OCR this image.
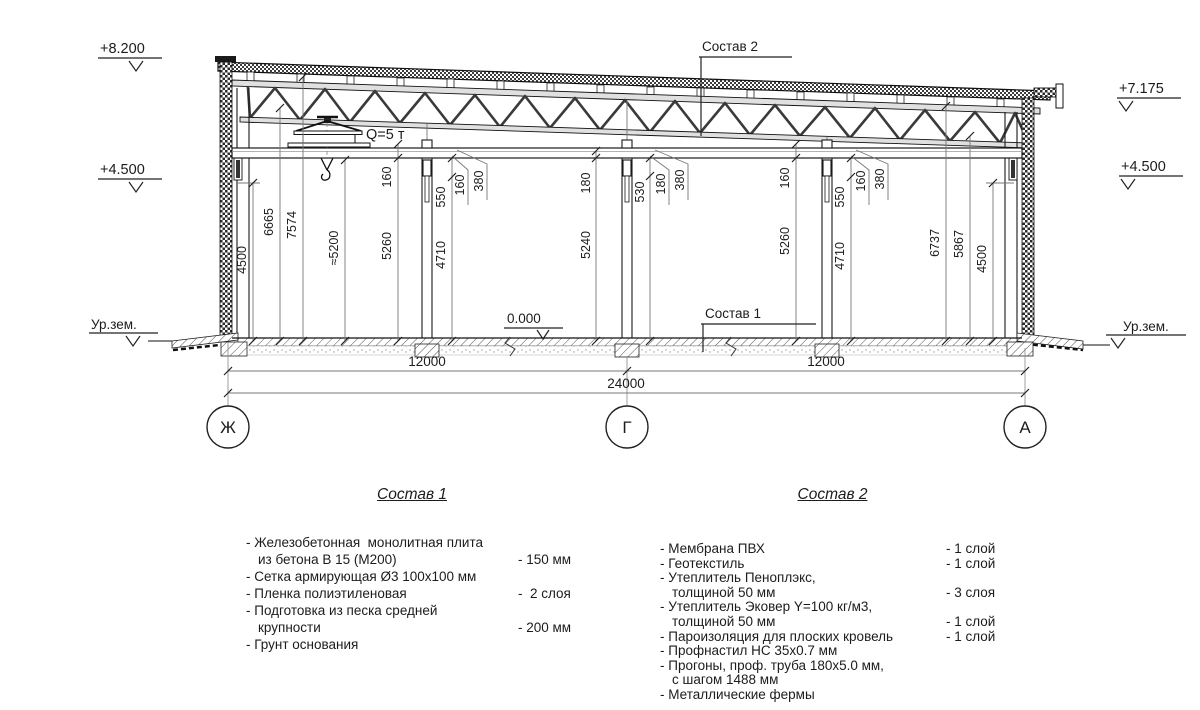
+8.200
+4.500
+7.175
+4.500
Ур.зем.	Ур.зем.
0.000
Состав 2
Состав 1
Q=5 т
12000	12000
24000
Ж	Г	А
4500
6665 7574
≈5200
160
5260
550
4710
160 380	180
5240
530 180 380	160
5260
550
4710
160 380
6737 5867
4500
Состав 1
- Железобетонная  монолитная плита
из бетона В 15 (М200)	- 150 мм
- Сетка армирующая Ø3 100х100 мм
- Пленка полиэтиленовая	-  2 слоя
- Подготовка из песка средней
крупности	- 200 мм
- Грунт основания
Состав 2
- Мембрана ПВХ	- 1 слой
- Геотекстиль	- 1 слой
- Утеплитель Пеноплэкс,
толщиной 50 мм	- 3 слоя
- Утеплитель Эковер Y=100 кг/м3,
толщиной 50 мм	- 1 слой
- Пароизоляция для плоских кровель	- 1 слой
- Профнастил НС 35х0.7 мм
- Прогоны, проф. труба 180х5.0 мм,
с шагом 1488 мм
- Металлические фермы
